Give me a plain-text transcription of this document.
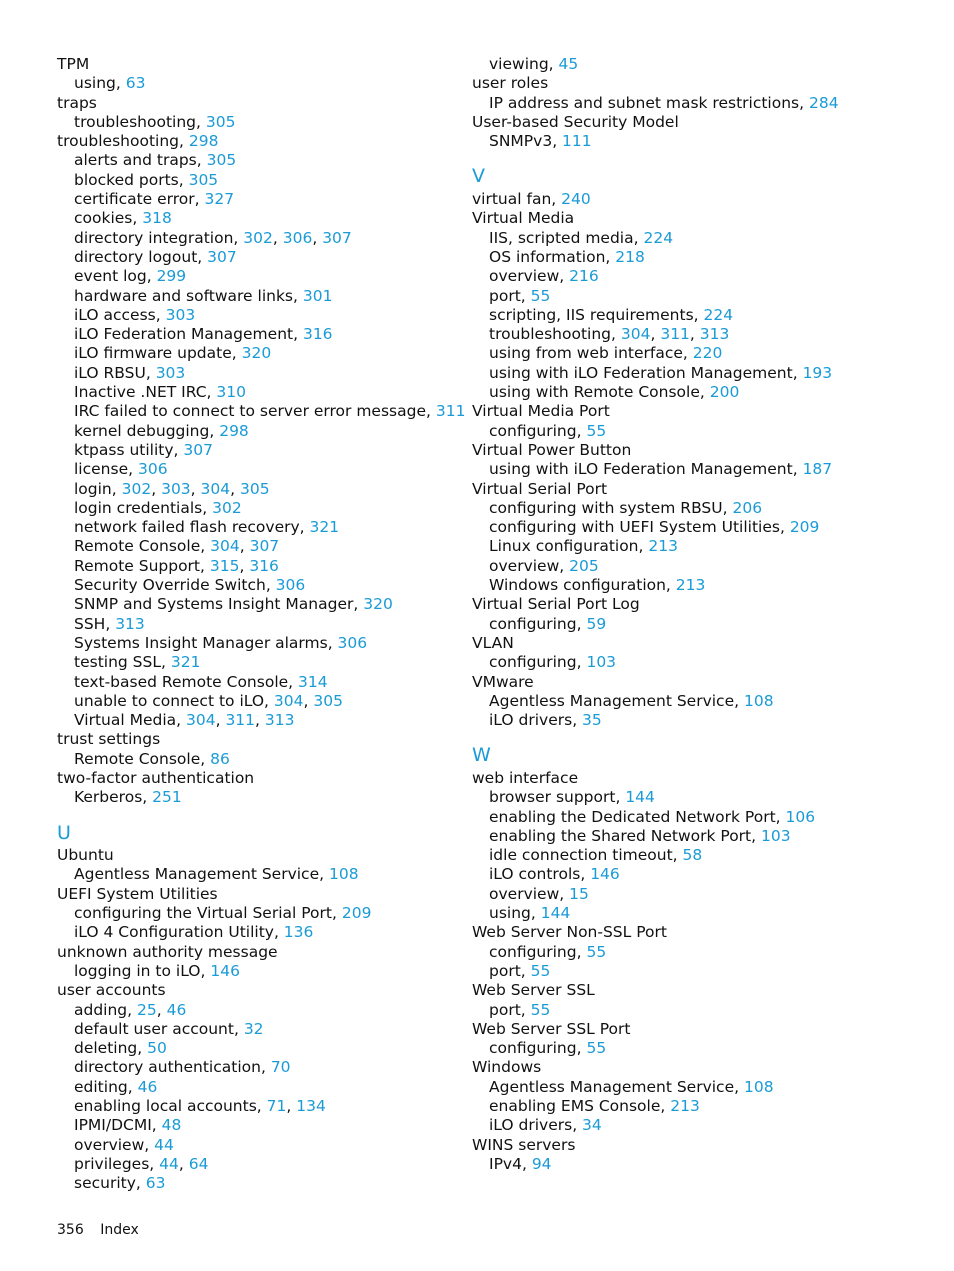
TPM
using, 63
traps
troubleshooting, 305
troubleshooting, 298
alerts and traps, 305
blocked ports, 305
certificate error, 327
cookies, 318
directory integration, 302, 306, 307
directory logout, 307
event log, 299
hardware and software links, 301
iLO access, 303
iLO Federation Management, 316
iLO firmware update, 320
iLO RBSU, 303
Inactive .NET IRC, 310
IRC failed to connect to server error message, 311
kernel debugging, 298
ktpass utility, 307
license, 306
login, 302, 303, 304, 305
login credentials, 302
network failed flash recovery, 321
Remote Console, 304, 307
Remote Support, 315, 316
Security Override Switch, 306
SNMP and Systems Insight Manager, 320
SSH, 313
Systems Insight Manager alarms, 306
testing SSL, 321
text-based Remote Console, 314
unable to connect to iLO, 304, 305
Virtual Media, 304, 311, 313
trust settings
Remote Console, 86
two-factor authentication
Kerberos, 251
U
Ubuntu
Agentless Management Service, 108
UEFI System Utilities
configuring the Virtual Serial Port, 209
iLO 4 Configuration Utility, 136
unknown authority message
logging in to iLO, 146
user accounts
adding, 25, 46
default user account, 32
deleting, 50
directory authentication, 70
editing, 46
enabling local accounts, 71, 134
IPMI/DCMI, 48
overview, 44
privileges, 44, 64
security, 63
viewing, 45
user roles
IP address and subnet mask restrictions, 284
User-based Security Model
SNMPv3, 111
V
virtual fan, 240
Virtual Media
IIS, scripted media, 224
OS information, 218
overview, 216
port, 55
scripting, IIS requirements, 224
troubleshooting, 304, 311, 313
using from web interface, 220
using with iLO Federation Management, 193
using with Remote Console, 200
Virtual Media Port
configuring, 55
Virtual Power Button
using with iLO Federation Management, 187
Virtual Serial Port
configuring with system RBSU, 206
configuring with UEFI System Utilities, 209
Linux configuration, 213
overview, 205
Windows configuration, 213
Virtual Serial Port Log
configuring, 59
VLAN
configuring, 103
VMware
Agentless Management Service, 108
iLO drivers, 35
W
web interface
browser support, 144
enabling the Dedicated Network Port, 106
enabling the Shared Network Port, 103
idle connection timeout, 58
iLO controls, 146
overview, 15
using, 144
Web Server Non-SSL Port
configuring, 55
port, 55
Web Server SSL
port, 55
Web Server SSL Port
configuring, 55
Windows
Agentless Management Service, 108
enabling EMS Console, 213
iLO drivers, 34
WINS servers
IPv4, 94
356 Index
